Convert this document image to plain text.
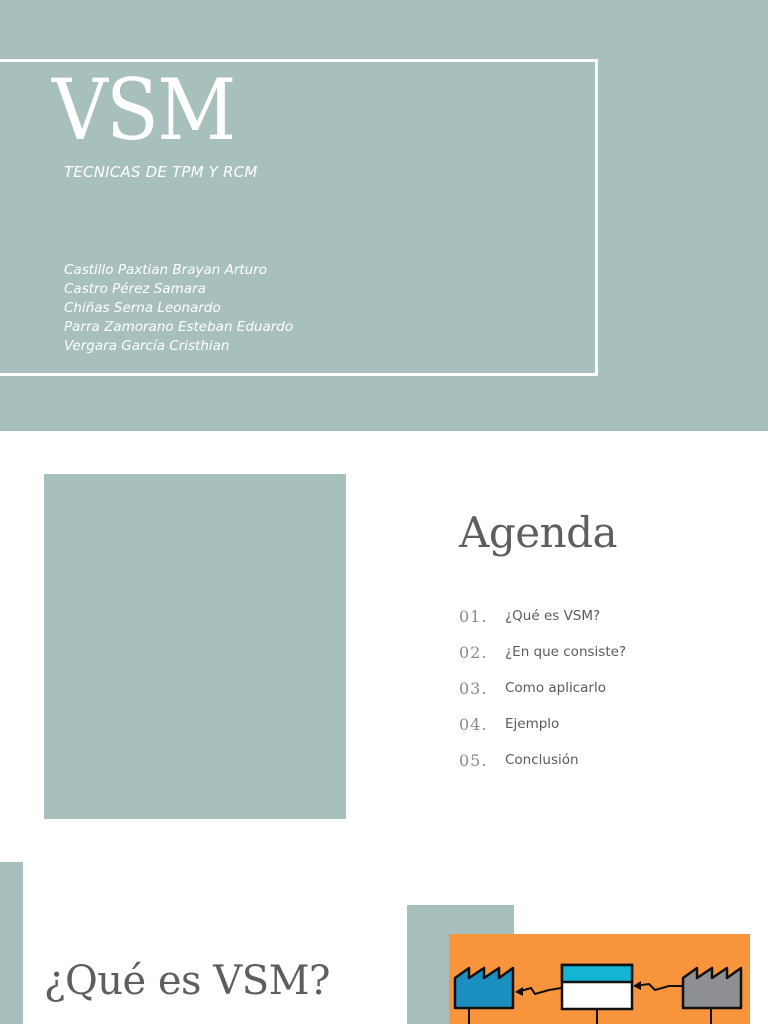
VSM
TECNICAS DE TPM Y RCM
Castillo Paxtian Brayan Arturo
Castro Pérez Samara
Chiñas Serna Leonardo
Parra Zamorano Esteban Eduardo
Vergara García Cristhian
Agenda
01.	¿Qué es VSM?
02.	¿En que consiste?
03.	Como aplicarlo
04.	Ejemplo
05.	Conclusión
¿Qué es VSM?
